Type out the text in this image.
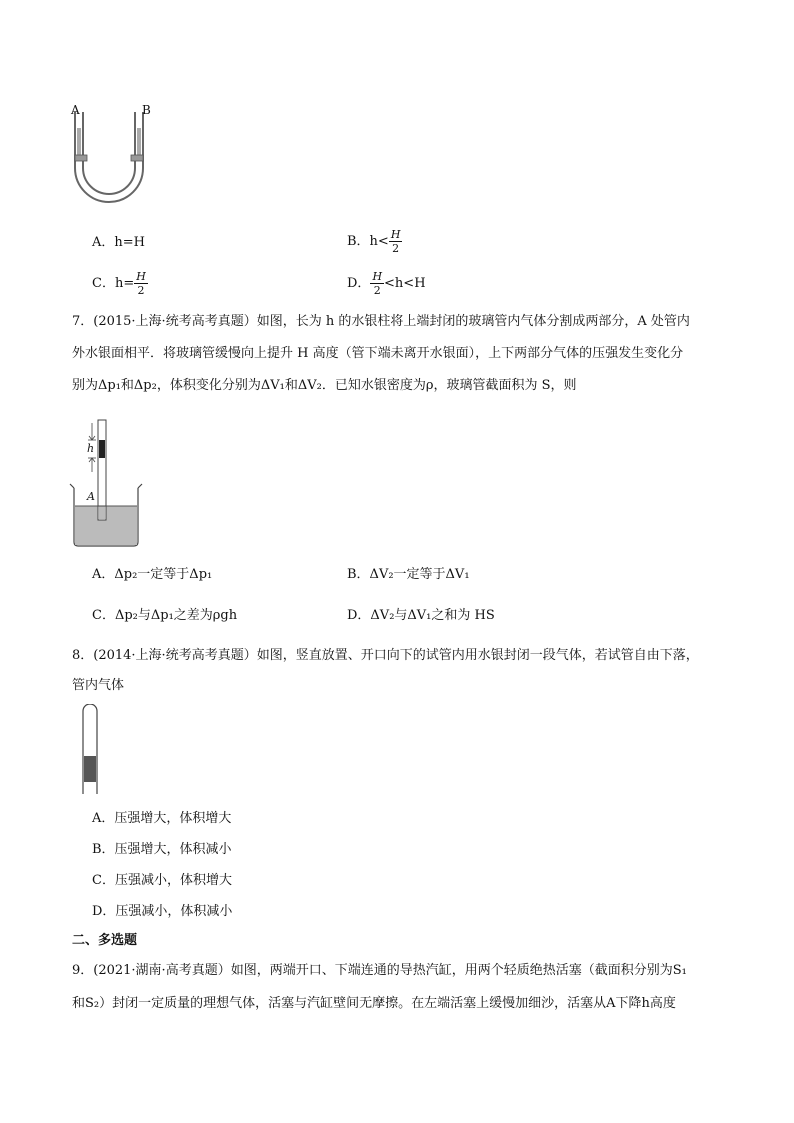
A	B
A．h=H	B．$h< \frac{H}{2}$
C．$h= \frac{H}{2}$	D． $\frac{H}{2} <h<H$
7．(2015·上海·统考高考真题）如图，长为 h 的水银柱将上端封闭的玻璃管内气体分割成两部分，A 处管内
外水银面相平．将玻璃管缓慢向上提升 H 高度（管下端未离开水银面），上下两部分气体的压强发生变化分
别为Δp₁和Δp₂，体积变化分别为ΔV₁和ΔV₂．已知水银密度为ρ，玻璃管截面积为 S，则
h
A
A．Δp₂一定等于Δp₁	B．ΔV₂一定等于ΔV₁
C．Δp₂与Δp₁之差为ρgh	D．ΔV₂与ΔV₁之和为 HS
8．(2014·上海·统考高考真题）如图，竖直放置、开口向下的试管内用水银封闭一段气体，若试管自由下落，
管内气体
A．压强增大，体积增大
B．压强增大，体积减小
C．压强减小，体积增大
D．压强减小，体积减小
二、多选题
9．(2021·湖南·高考真题）如图，两端开口、下端连通的导热汽缸，用两个轻质绝热活塞（截面积分别为S₁
和S₂）封闭一定质量的理想气体，活塞与汽缸壁间无摩擦。在左端活塞上缓慢加细沙，活塞从A下降h高度
